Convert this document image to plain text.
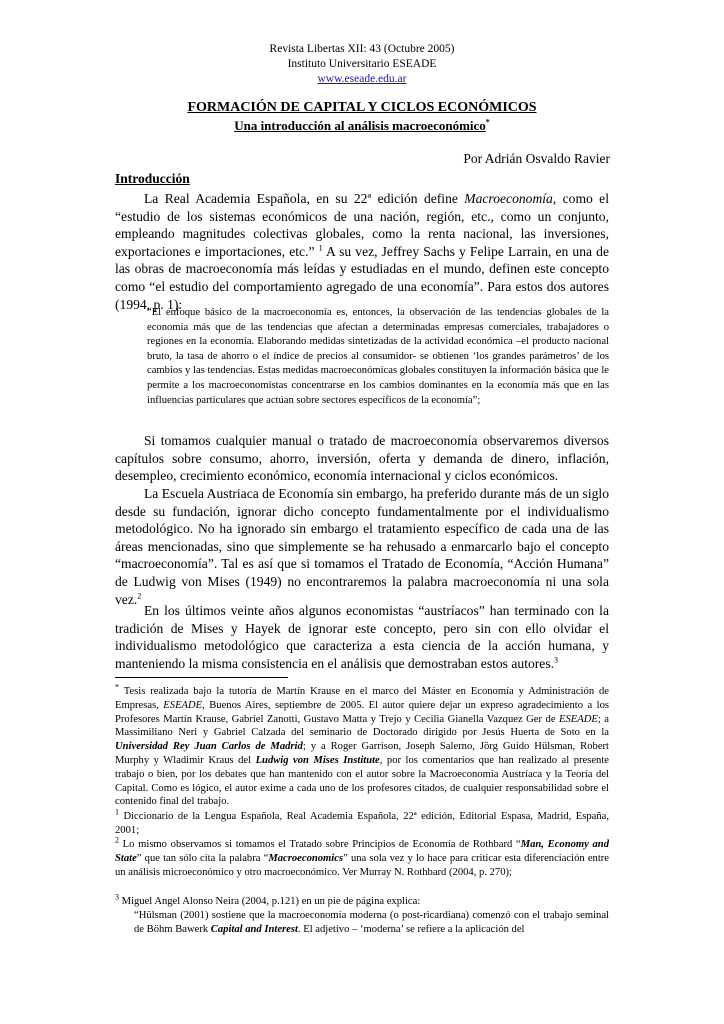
Revista Libertas XII: 43 (Octubre 2005)
Instituto Universitario ESEADE
www.eseade.edu.ar
FORMACIÓN DE CAPITAL Y CICLOS ECONÓMICOS
Una introducción al análisis macroeconómico*
Por Adrián Osvaldo Ravier
Introducción

La Real Academia Española, en su 22ª edición define Macroeconomía, como el “estudio de los sistemas económicos de una nación, región, etc., como un conjunto, empleando magnitudes colectivas globales, como la renta nacional, las inversiones, exportaciones e importaciones, etc.” $^1$ A su vez, Jeffrey Sachs y Felipe Larrain, en una de las obras de macroeconomía más leídas y estudiadas en el mundo, definen este concepto como “el estudio del comportamiento agregado de una economía”. Para estos dos autores (1994, p. 1):

“El enfoque básico de la macroeconomía es, entonces, la observación de las tendencias globales de la economía más que de las tendencias que afectan a determinadas empresas comerciales, trabajadores o regiones en la economía. Elaborando medidas sintetizadas de la actividad económica –el producto nacional bruto, la tasa de ahorro o el índice de precios al consumidor- se obtienen ‘los grandes parámetros’ de los cambios y las tendencias. Estas medidas macroeconómicas globales constituyen la información básica que le permite a los macroeconomistas concentrarse en los cambios dominantes en la economía más que en las influencias particulares que actúan sobre sectores específicos de la economía”;

Si tomamos cualquier manual o tratado de macroeconomía observaremos diversos capítulos sobre consumo, ahorro, inversión, oferta y demanda de dinero, inflación, desempleo, crecimiento económico, economía internacional y ciclos económicos.

La Escuela Austriaca de Economía sin embargo, ha preferido durante más de un siglo desde su fundación, ignorar dicho concepto fundamentalmente por el individualismo metodológico. No ha ignorado sin embargo el tratamiento específico de cada una de las áreas mencionadas, sino que simplemente se ha rehusado a enmarcarlo bajo el concepto “macroeconomía”. Tal es así que si tomamos el Tratado de Economía, “Acción Humana” de Ludwig von Mises (1949) no encontraremos la palabra macroeconomía ni una sola vez.$^2$

En los últimos veinte años algunos economistas “austríacos” han terminado con la tradición de Mises y Hayek de ignorar este concepto, pero sin con ello olvidar el individualismo metodológico que caracteriza a esta ciencia de la acción humana, y manteniendo la misma consistencia en el análisis que demostraban estos autores.$^3$

* Tesis realizada bajo la tutoría de Martín Krause en el marco del Máster en Economía y Administración de Empresas, ESEADE, Buenos Aires, septiembre de 2005. El autor quiere dejar un expreso agradecimiento a los Profesores Martín Krause, Gabriel Zanotti, Gustavo Matta y Trejo y Cecilia Gianella Vazquez Ger de ESEADE; a Massimiliano Neri y Gabriel Calzada del seminario de Doctorado dirigido por Jesús Huerta de Soto en la Universidad Rey Juan Carlos de Madrid; y a Roger Garrison, Joseph Salerno, Jörg Guido Hülsman, Robert Murphy y Wladimir Kraus del Ludwig von Mises Institute, por los comentarios que han realizado al presente trabajo o bien, por los debates que han mantenido con el autor sobre la Macroeconomía Austríaca y la Teoría del Capital. Como es lógico, el autor exime a cada uno de los profesores citados, de cualquier responsabilidad sobre el contenido final del trabajo.

$^1$ Diccionario de la Lengua Española, Real Academia Española, 22ª edición, Editorial Espasa, Madrid, España, 2001;

$^2$ Lo mismo observamos si tomamos el Tratado sobre Principios de Economía de Rothbard “Man, Economy and State” que tan sólo cita la palabra “Macroeconomics” una sola vez y lo hace para criticar esta diferenciación entre un análisis microeconómico y otro macroeconómico. Ver Murray N. Rothbard (2004, p. 270);

$^3$ Miguel Angel Alonso Neira (2004, p.121) en un pie de página explica:

“Hülsman (2001) sostiene que la macroeconomía moderna (o post-ricardiana) comenzó con el trabajo seminal de Böhm Bawerk Capital and Interest. El adjetivo – ‘moderna’ se refiere a la aplicación del
